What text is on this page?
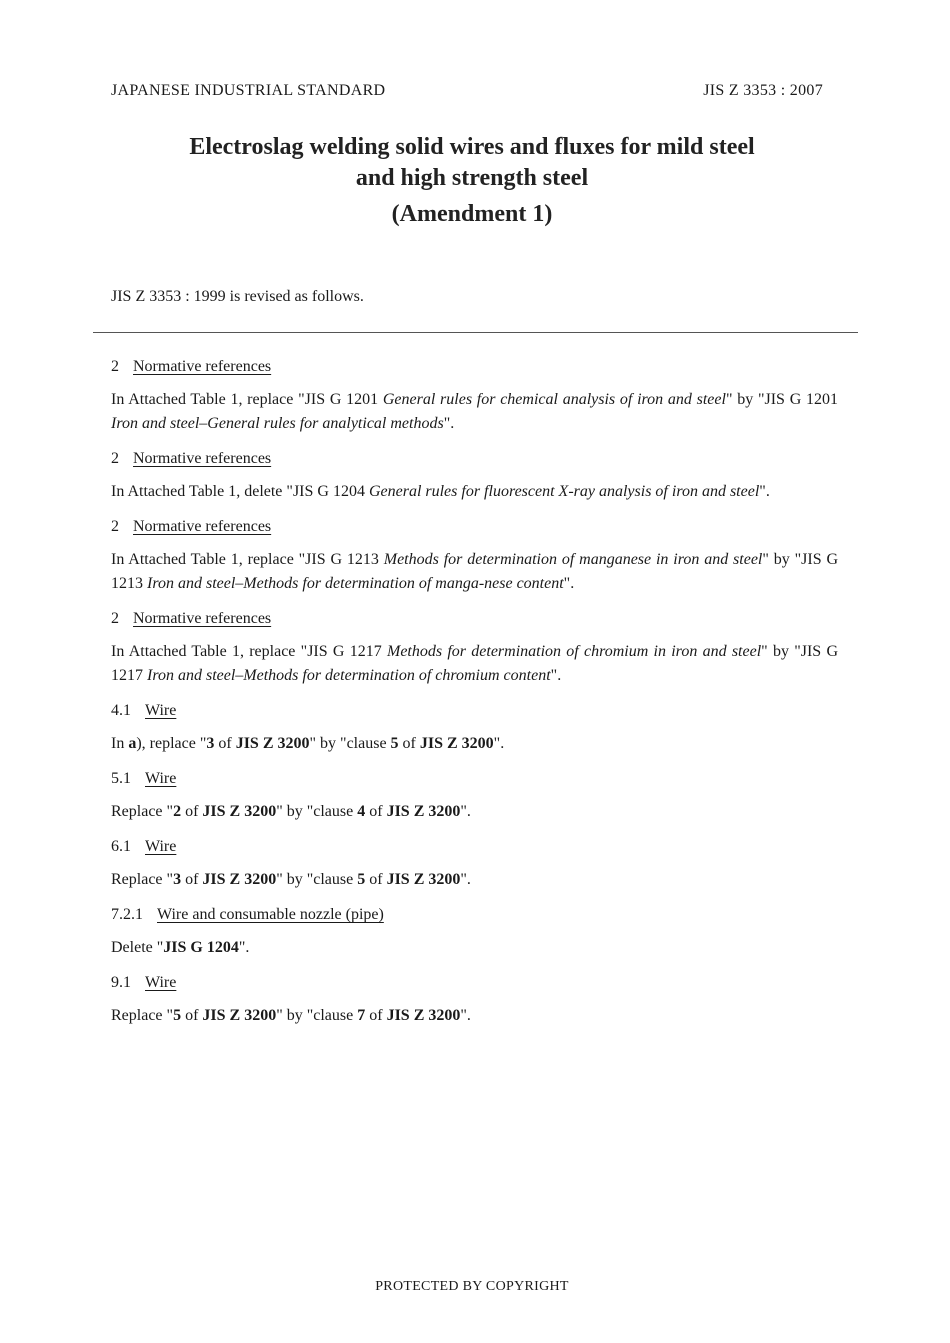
JAPANESE INDUSTRIAL STANDARD	JIS Z 3353 : 2007

Electroslag welding solid wires and fluxes for mild steel
and high strength steel

(Amendment 1)
JIS Z 3353 : 1999 is revised as follows.
2 Normative references
In Attached Table 1, replace "JIS G 1201 General rules for chemical analysis of iron and steel" by "JIS G 1201 Iron and steel–General rules for analytical methods".
2 Normative references
In Attached Table 1, delete "JIS G 1204 General rules for fluorescent X-ray analysis of iron and steel".
2 Normative references
In Attached Table 1, replace "JIS G 1213 Methods for determination of manganese in iron and steel" by "JIS G 1213 Iron and steel–Methods for determination of manga-nese content".
2 Normative references
In Attached Table 1, replace "JIS G 1217 Methods for determination of chromium in iron and steel" by "JIS G 1217 Iron and steel–Methods for determination of chromium content".
4.1 Wire
In a), replace "3 of JIS Z 3200" by "clause 5 of JIS Z 3200".
5.1 Wire
Replace "2 of JIS Z 3200" by "clause 4 of JIS Z 3200".
6.1 Wire
Replace "3 of JIS Z 3200" by "clause 5 of JIS Z 3200".
7.2.1 Wire and consumable nozzle (pipe)
Delete "JIS G 1204".
9.1 Wire
Replace "5 of JIS Z 3200" by "clause 7 of JIS Z 3200".
PROTECTED BY COPYRIGHT
